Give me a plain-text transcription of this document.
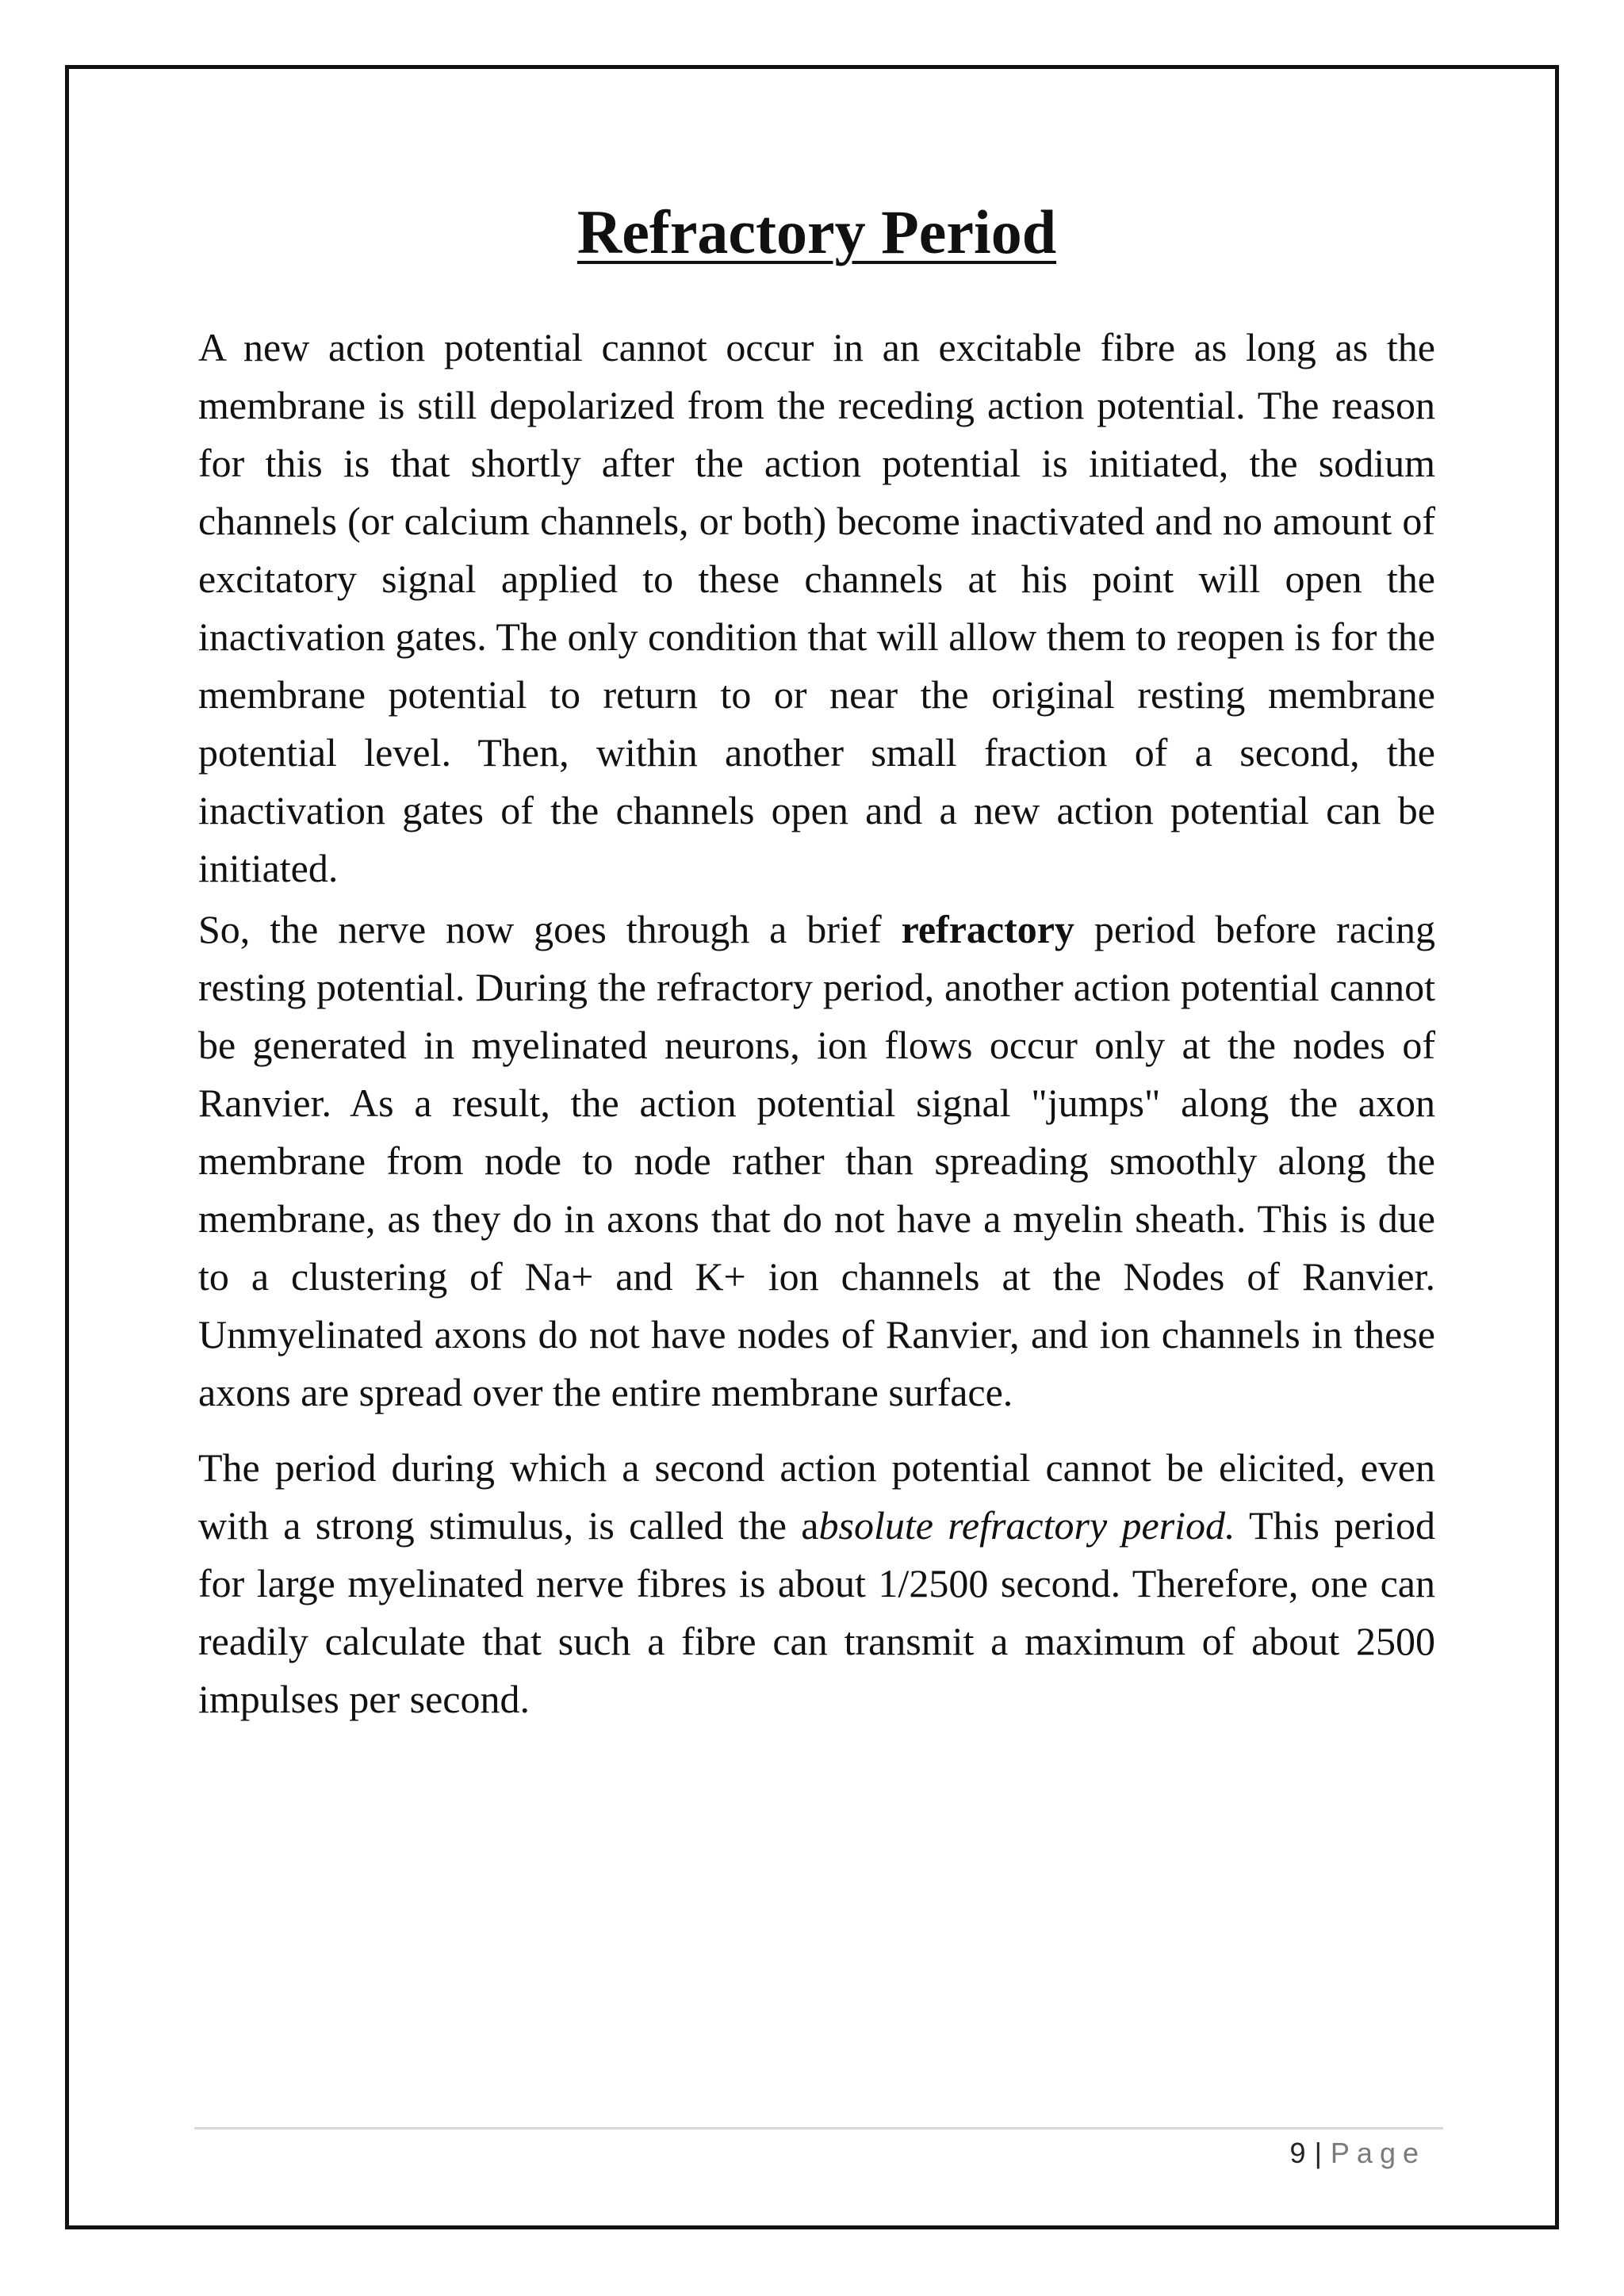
Refractory Period

A new action potential cannot occur in an excitable fibre as long as the membrane is still depolarized from the receding action potential. The reason for this is that shortly after the action potential is initiated, the sodium channels (or calcium channels, or both) become inactivated and no amount of excitatory signal applied to these channels at his point will open the inactivation gates. The only condition that will allow them to reopen is for the membrane potential to return to or near the original resting membrane potential level. Then, within another small fraction of a second, the inactivation gates of the channels open and a new action potential can be initiated.

So, the nerve now goes through a brief refractory period before racing resting potential. During the refractory period, another action potential cannot be generated in myelinated neurons, ion flows occur only at the nodes of Ranvier. As a result, the action potential signal "jumps" along the axon membrane from node to node rather than spreading smoothly along the membrane, as they do in axons that do not have a myelin sheath. This is due to a clustering of Na+ and K+ ion channels at the Nodes of Ranvier. Unmyelinated axons do not have nodes of Ranvier, and ion channels in these axons are spread over the entire membrane surface.

The period during which a second action potential cannot be elicited, even with a strong stimulus, is called the absolute refractory period. This period for large myelinated nerve fibres is about 1/2500 second. Therefore, one can readily calculate that such a fibre can transmit a maximum of about 2500 impulses per second.

9 | Page
